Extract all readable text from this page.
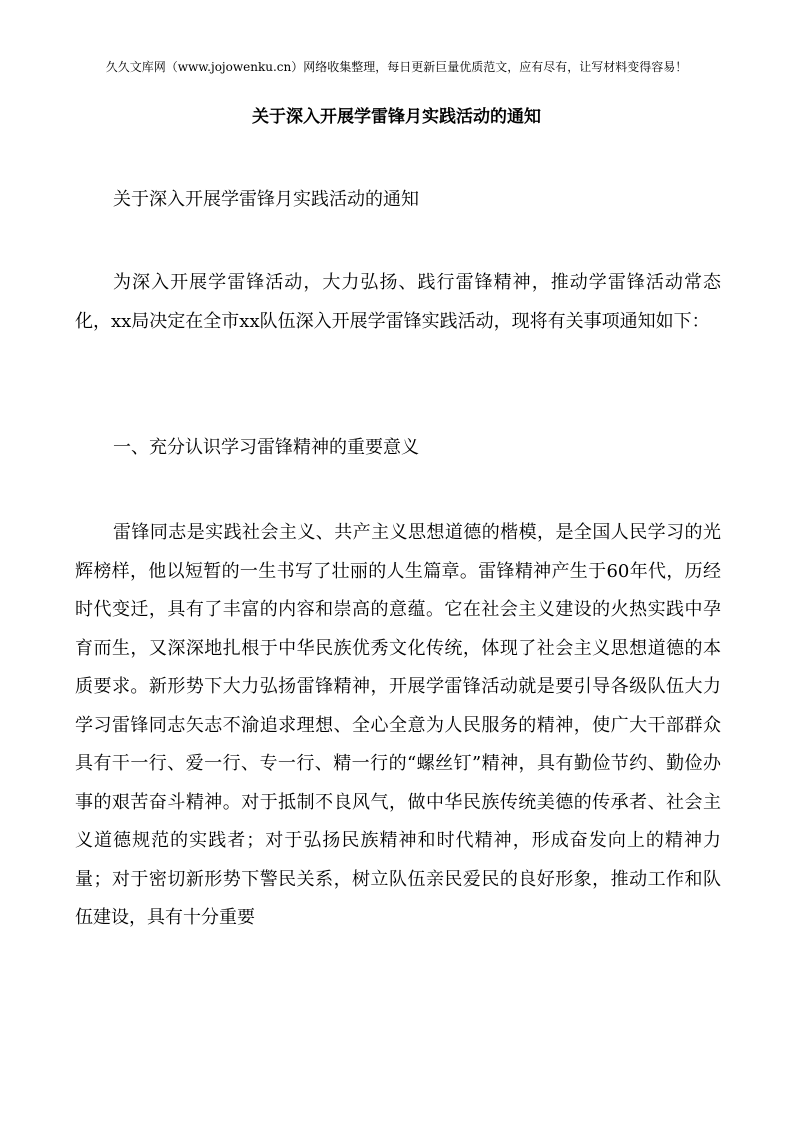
久久文库网（www.jojowenku.cn）网络收集整理，每日更新巨量优质范文，应有尽有，让写材料变得容易！
关于深入开展学雷锋月实践活动的通知

关于深入开展学雷锋月实践活动的通知

为深入开展学雷锋活动，大力弘扬、践行雷锋精神，推动学雷锋活动常态化，xx局决定在全市xx队伍深入开展学雷锋实践活动，现将有关事项通知如下：

一、充分认识学习雷锋精神的重要意义

雷锋同志是实践社会主义、共产主义思想道德的楷模，是全国人民学习的光辉榜样，他以短暂的一生书写了壮丽的人生篇章。雷锋精神产生于60年代，历经时代变迁，具有了丰富的内容和崇高的意蕴。它在社会主义建设的火热实践中孕育而生，又深深地扎根于中华民族优秀文化传统，体现了社会主义思想道德的本质要求。新形势下大力弘扬雷锋精神，开展学雷锋活动就是要引导各级队伍大力学习雷锋同志矢志不渝追求理想、全心全意为人民服务的精神，使广大干部群众具有干一行、爱一行、专一行、精一行的“螺丝钉”精神，具有勤俭节约、勤俭办事的艰苦奋斗精神。对于抵制不良风气，做中华民族传统美德的传承者、社会主义道德规范的实践者；对于弘扬民族精神和时代精神，形成奋发向上的精神力量；对于密切新形势下警民关系，树立队伍亲民爱民的良好形象，推动工作和队伍建设，具有十分重要
